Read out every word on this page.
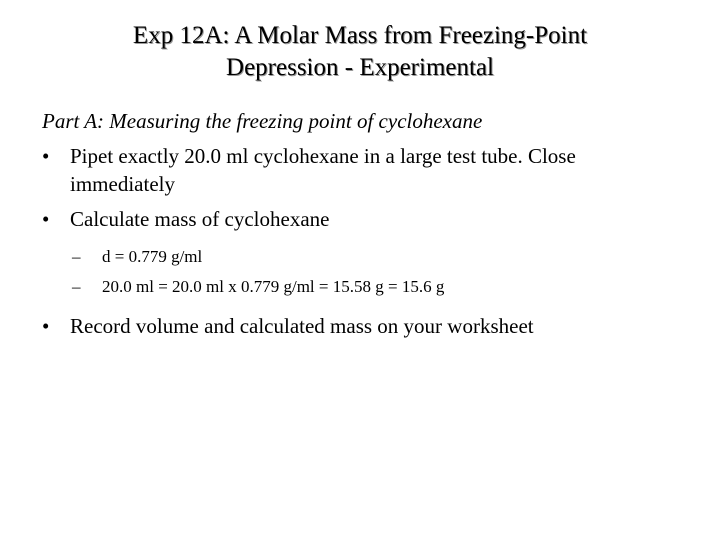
Exp 12A: A Molar Mass from Freezing-Point
Depression - Experimental
Part A: Measuring the freezing point of cyclohexane
• Pipet exactly 20.0 ml cyclohexane in a large test tube. Close immediately
• Calculate mass of cyclohexane
– d = 0.779 g/ml
– 20.0 ml = 20.0 ml x 0.779 g/ml = 15.58 g = 15.6 g
• Record volume and calculated mass on your worksheet
